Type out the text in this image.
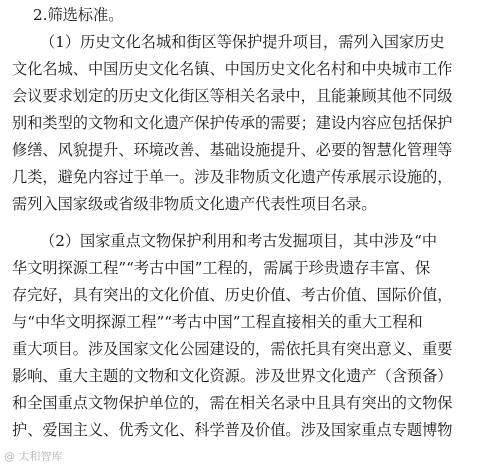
2.筛选标准。
（1）历史文化名城和街区等保护提升项目，需列入国家历史
文化名城、中国历史文化名镇、中国历史文化名村和中央城市工作
会议要求划定的历史文化街区等相关名录中，且能兼顾其他不同级
别和类型的文物和文化遗产保护传承的需要；建设内容应包括保护
修缮、风貌提升、环境改善、基础设施提升、必要的智慧化管理等
几类，避免内容过于单一。涉及非物质文化遗产传承展示设施的，
需列入国家级或省级非物质文化遗产代表性项目名录。
（2）国家重点文物保护利用和考古发掘项目，其中涉及“中
华文明探源工程”“考古中国”工程的，需属于珍贵遗存丰富、保
存完好，具有突出的文化价值、历史价值、考古价值、国际价值，
与“中华文明探源工程”“考古中国”工程直接相关的重大工程和
重大项目。涉及国家文化公园建设的，需依托具有突出意义、重要
影响、重大主题的文物和文化资源。涉及世界文化遗产（含预备）
和全国重点文物保护单位的，需在相关名录中且具有突出的文物保
护、爱国主义、优秀文化、科学普及价值。涉及国家重点专题博物
@ 太和智库
